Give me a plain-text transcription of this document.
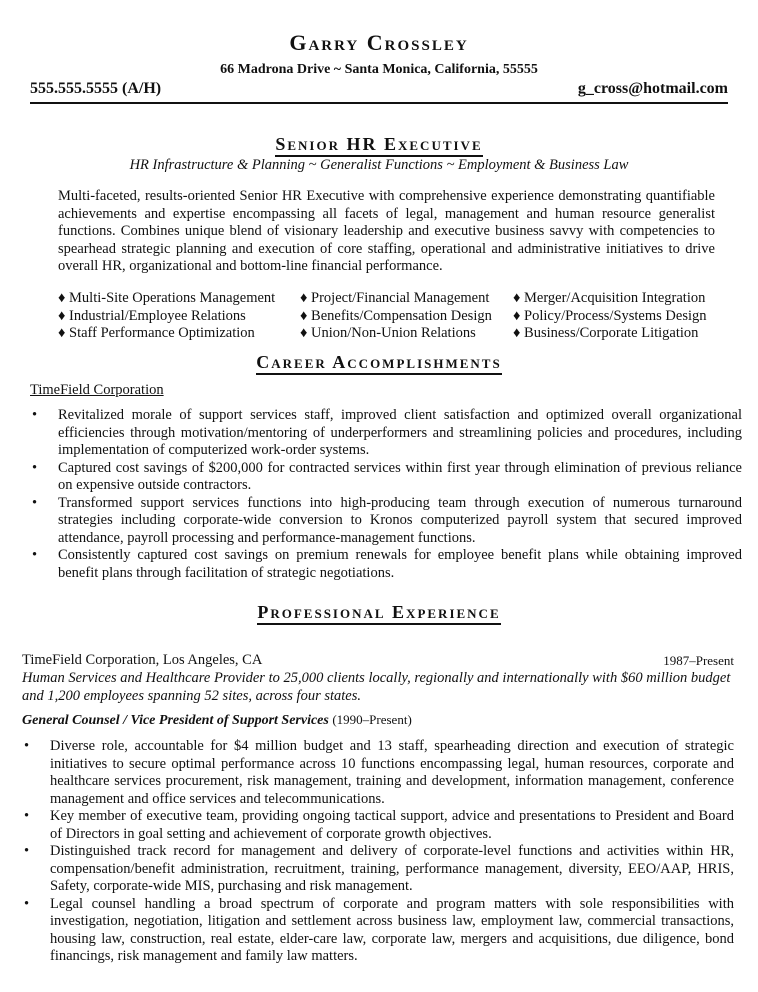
Garry Crossley
66 Madrona Drive ~ Santa Monica, California, 55555
555.555.5555 (A/H)	g_cross@hotmail.com
Senior HR Executive
HR Infrastructure & Planning ~ Generalist Functions ~ Employment & Business Law
Multi-faceted, results-oriented Senior HR Executive with comprehensive experience demonstrating quantifiable achievements and expertise encompassing all facets of legal, management and human resource generalist functions. Combines unique blend of visionary leadership and executive business savvy with competencies to spearhead strategic planning and execution of core staffing, operational and administrative initiatives to drive overall HR, organizational and bottom-line financial performance.
♦ Multi-Site Operations Management	♦ Project/Financial Management	♦ Merger/Acquisition Integration
♦ Industrial/Employee Relations	♦ Benefits/Compensation Design	♦ Policy/Process/Systems Design
♦ Staff Performance Optimization	♦ Union/Non-Union Relations	♦ Business/Corporate Litigation
Career Accomplishments
TimeField Corporation
• Revitalized morale of support services staff, improved client satisfaction and optimized overall organizational efficiencies through motivation/mentoring of underperformers and streamlining policies and procedures, including implementation of computerized work-order systems.
• Captured cost savings of $200,000 for contracted services within first year through elimination of previous reliance on expensive outside contractors.
• Transformed support services functions into high-producing team through execution of numerous turnaround strategies including corporate-wide conversion to Kronos computerized payroll system that secured improved attendance, payroll processing and performance-management functions.
• Consistently captured cost savings on premium renewals for employee benefit plans while obtaining improved benefit plans through facilitation of strategic negotiations.
Professional Experience
TimeField Corporation, Los Angeles, CA	1987–Present
Human Services and Healthcare Provider to 25,000 clients locally, regionally and internationally with $60 million budget and 1,200 employees spanning 52 sites, across four states.
General Counsel / Vice President of Support Services (1990–Present)
• Diverse role, accountable for $4 million budget and 13 staff, spearheading direction and execution of strategic initiatives to secure optimal performance across 10 functions encompassing legal, human resources, corporate and healthcare services procurement, risk management, training and development, information management, conference management and office services and telecommunications.
• Key member of executive team, providing ongoing tactical support, advice and presentations to President and Board of Directors in goal setting and achievement of corporate growth objectives.
• Distinguished track record for management and delivery of corporate-level functions and activities within HR, compensation/benefit administration, recruitment, training, performance management, diversity, EEO/AAP, HRIS, Safety, corporate-wide MIS, purchasing and risk management.
• Legal counsel handling a broad spectrum of corporate and program matters with sole responsibilities with investigation, negotiation, litigation and settlement across business law, employment law, commercial transactions, housing law, construction, real estate, elder-care law, corporate law, mergers and acquisitions, due diligence, bond financings, risk management and family law matters.
